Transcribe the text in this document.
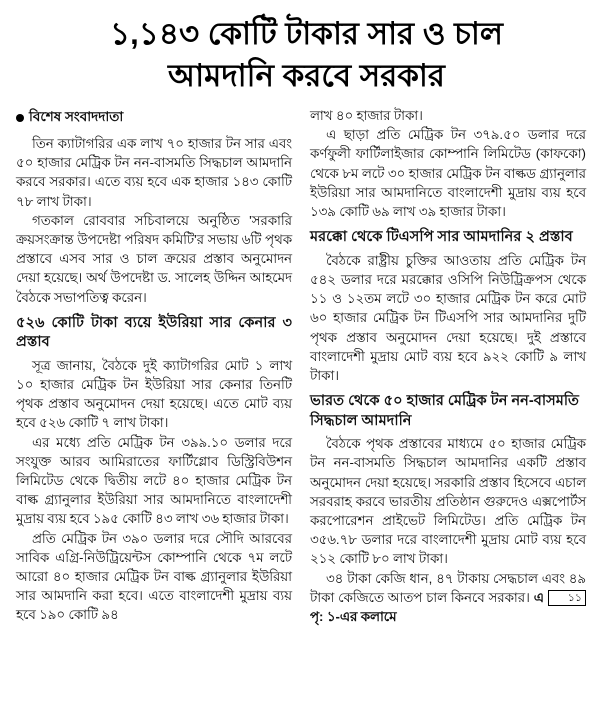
১,১৪৩ কোটি টাকার সার ও চাল
আমদানি করবে সরকার
বিশেষ সংবাদদাতা

তিন ক্যাটাগরির এক লাখ ৭০ হাজার টন সার এবং ৫০ হাজার মেট্রিক টন নন-বাসমতি সিদ্ধচাল আমদানি করবে সরকার। এতে ব্যয় হবে এক হাজার ১৪৩ কোটি ৭৮ লাখ টাকা।

গতকাল রোববার সচিবালয়ে অনুষ্ঠিত 'সরকারি ক্রয়সংক্রান্ত উপদেষ্টা পরিষদ কমিটি'র সভায় ৬টি পৃথক প্রস্তাবে এসব সার ও চাল ক্রয়ের প্রস্তাব অনুমোদন দেয়া হয়েছে। অর্থ উপদেষ্টা ড. সালেহ উদ্দিন আহমেদ বৈঠকে সভাপতিত্ব করেন।

৫২৬ কোটি টাকা ব্যয়ে ইউরিয়া সার কেনার ৩ প্রস্তাব

সূত্র জানায়, বৈঠকে দুই ক্যাটাগরির মোট ১ লাখ ১০ হাজার মেট্রিক টন ইউরিয়া সার কেনার তিনটি পৃথক প্রস্তাব অনুমোদন দেয়া হয়েছে। এতে মোট ব্যয় হবে ৫২৬ কোটি ৭ লাখ টাকা।

এর মধ্যে প্রতি মেট্রিক টন ৩৯৯.১০ ডলার দরে সংযুক্ত আরব আমিরাতের ফার্টিগ্লোব ডিস্ট্রিবিউশন লিমিটেড থেকে দ্বিতীয় লটে ৪০ হাজার মেট্রিক টন বাল্ক গ্র্যানুলার ইউরিয়া সার আমদানিতে বাংলাদেশী মুদ্রায় ব্যয় হবে ১৯৫ কোটি ৪৩ লাখ ৩৬ হাজার টাকা।

প্রতি মেট্রিক টন ৩৯০ ডলার দরে সৌদি আরবের সাবিক এগ্রি-নিউট্রিয়েন্টস কোম্পানি থেকে ৭ম লটে আরো ৪০ হাজার মেট্রিক টন বাল্ক গ্র্যানুলার ইউরিয়া সার আমদানি করা হবে। এতে বাংলাদেশী মুদ্রায় ব্যয় হবে ১৯০ কোটি ৯৪

লাখ ৪০ হাজার টাকা।

এ ছাড়া প্রতি মেট্রিক টন ৩৭৯.৫০ ডলার দরে কর্ণফুলী ফার্টিলাইজার কোম্পানি লিমিটেড (কাফকো) থেকে ৮ম লটে ৩০ হাজার মেট্রিক টন বাল্কড গ্র্যানুলার ইউরিয়া সার আমদানিতে বাংলাদেশী মুদ্রায় ব্যয় হবে ১৩৯ কোটি ৬৯ লাখ ৩৯ হাজার টাকা।

মরক্কো থেকে টিএসপি সার আমদানির ২ প্রস্তাব

বৈঠকে রাষ্ট্রীয় চুক্তির আওতায় প্রতি মেট্রিক টন ৫৪২ ডলার দরে মরক্কোর ওসিপি নিউট্রিক্রপস থেকে ১১ ও ১২তম লটে ৩০ হাজার মেট্রিক টন করে মোট ৬০ হাজার মেট্রিক টন টিএসপি সার আমদানির দুটি পৃথক প্রস্তাব অনুমোদন দেয়া হয়েছে। দুই প্রস্তাবে বাংলাদেশী মুদ্রায় মোট ব্যয় হবে ৯২২ কোটি ৯ লাখ টাকা।

ভারত থেকে ৫০ হাজার মেট্রিক টন নন-বাসমতি সিদ্ধচাল আমদানি

বৈঠকে পৃথক প্রস্তাবের মাধ্যমে ৫০ হাজার মেট্রিক টন নন-বাসমতি সিদ্ধচাল আমদানির একটি প্রস্তাব অনুমোদন দেয়া হয়েছে। সরকারি প্রস্তাব হিসেবে এচাল সরবরাহ করবে ভারতীয় প্রতিষ্ঠান গুরুদেও এক্সপোর্টস করপোরেশন প্রাইভেট লিমিটেড। প্রতি মেট্রিক টন ৩৫৬.৭৮ ডলার দরে বাংলাদেশী মুদ্রায় মোট ব্যয় হবে ২১২ কোটি ৮০ লাখ টাকা।

৩৪ টাকা কেজি ধান, ৪৭ টাকায় সেদ্ধচাল এবং ৪৯ টাকা কেজিতে আতপ চাল কিনবে সরকার। এ ১১ পৃ: ১-এর কলামে
